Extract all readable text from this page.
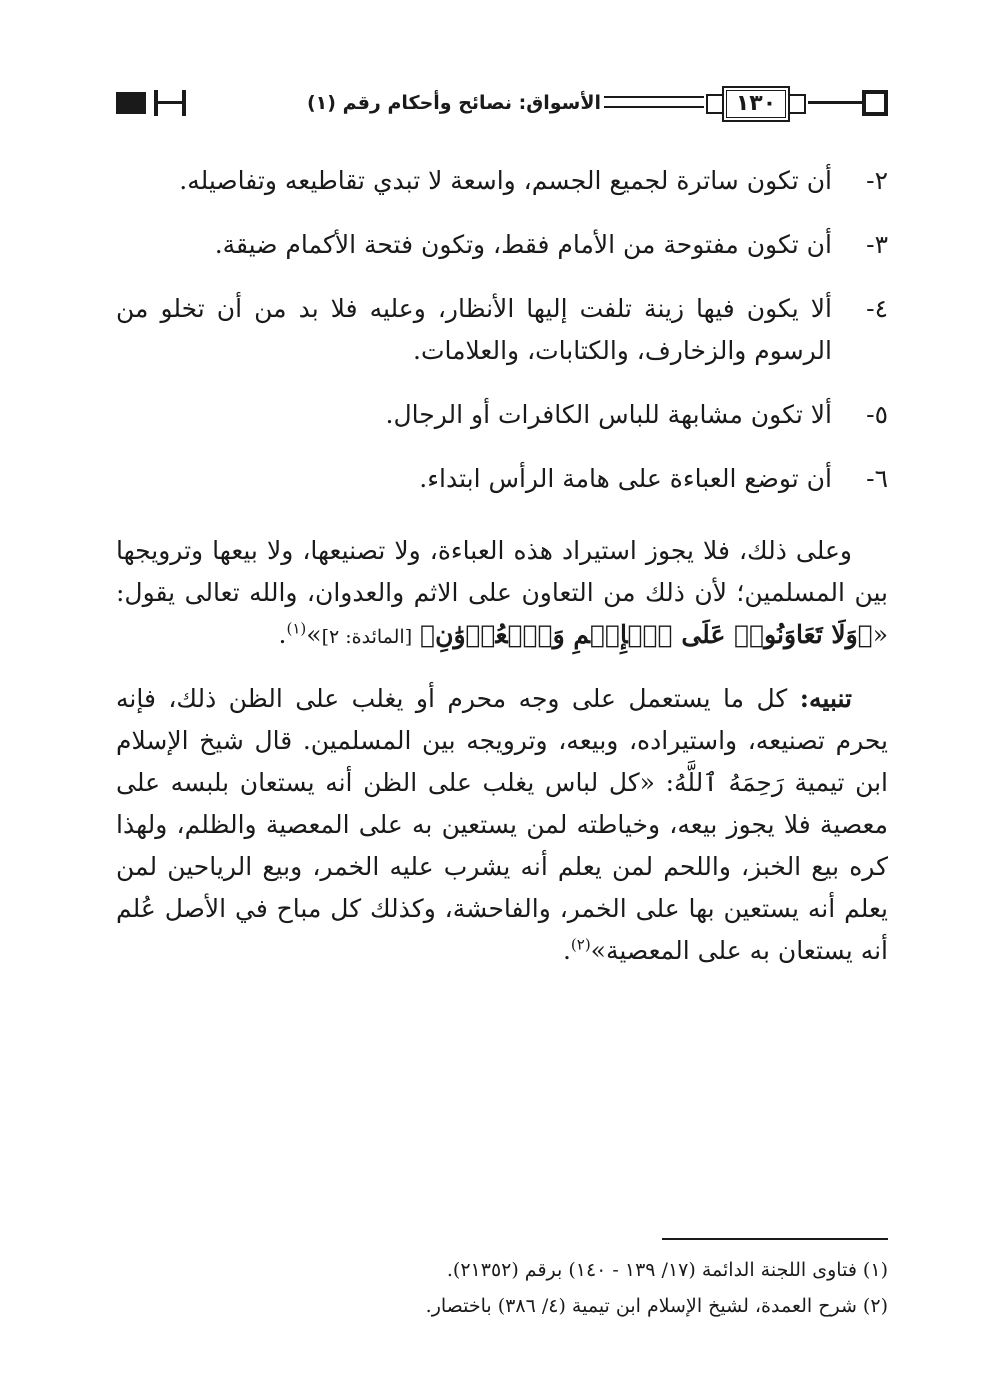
١٣٠
الأسواق: نصائح وأحكام رقم (١)
٢-
أن تكون ساترة لجميع الجسم، واسعة لا تبدي تقاطيعه وتفاصيله.
٣-
أن تكون مفتوحة من الأمام فقط، وتكون فتحة الأكمام ضيقة.
٤-
ألا يكون فيها زينة تلفت إليها الأنظار، وعليه فلا بد من أن تخلو من الرسوم والزخارف، والكتابات، والعلامات.
٥-
ألا تكون مشابهة للباس الكافرات أو الرجال.
٦-
أن توضع العباءة على هامة الرأس ابتداء.

وعلى ذلك، فلا يجوز استيراد هذه العباءة، ولا تصنيعها، ولا بيعها وترويجها بين المسلمين؛ لأن ذلك من التعاون على الاثم والعدوان، والله تعالى يقول: «﴿وَلَا تَعَاوَنُوا۟ عَلَى ٱلۡإِثۡمِ وَٱلۡعُدۡوَٰنِ﴾ [المائدة: ٢]»$^{(١)}$.

تنبيه: كل ما يستعمل على وجه محرم أو يغلب على الظن ذلك، فإنه يحرم تصنيعه، واستيراده، وبيعه، وترويجه بين المسلمين. قال شيخ الإسلام ابن تيمية رَحِمَهُ ٱللَّهُ: «كل لباس يغلب على الظن أنه يستعان بلبسه على معصية فلا يجوز بيعه، وخياطته لمن يستعين به على المعصية والظلم، ولهذا كره بيع الخبز، واللحم لمن يعلم أنه يشرب عليه الخمر، وبيع الرياحين لمن يعلم أنه يستعين بها على الخمر، والفاحشة، وكذلك كل مباح في الأصل عُلم أنه يستعان به على المعصية»$^{(٢)}$.

(١) فتاوى اللجنة الدائمة (١٧/ ١٣٩ - ١٤٠) برقم (٢١٣٥٢).
(٢) شرح العمدة، لشيخ الإسلام ابن تيمية (٤/ ٣٨٦) باختصار.
